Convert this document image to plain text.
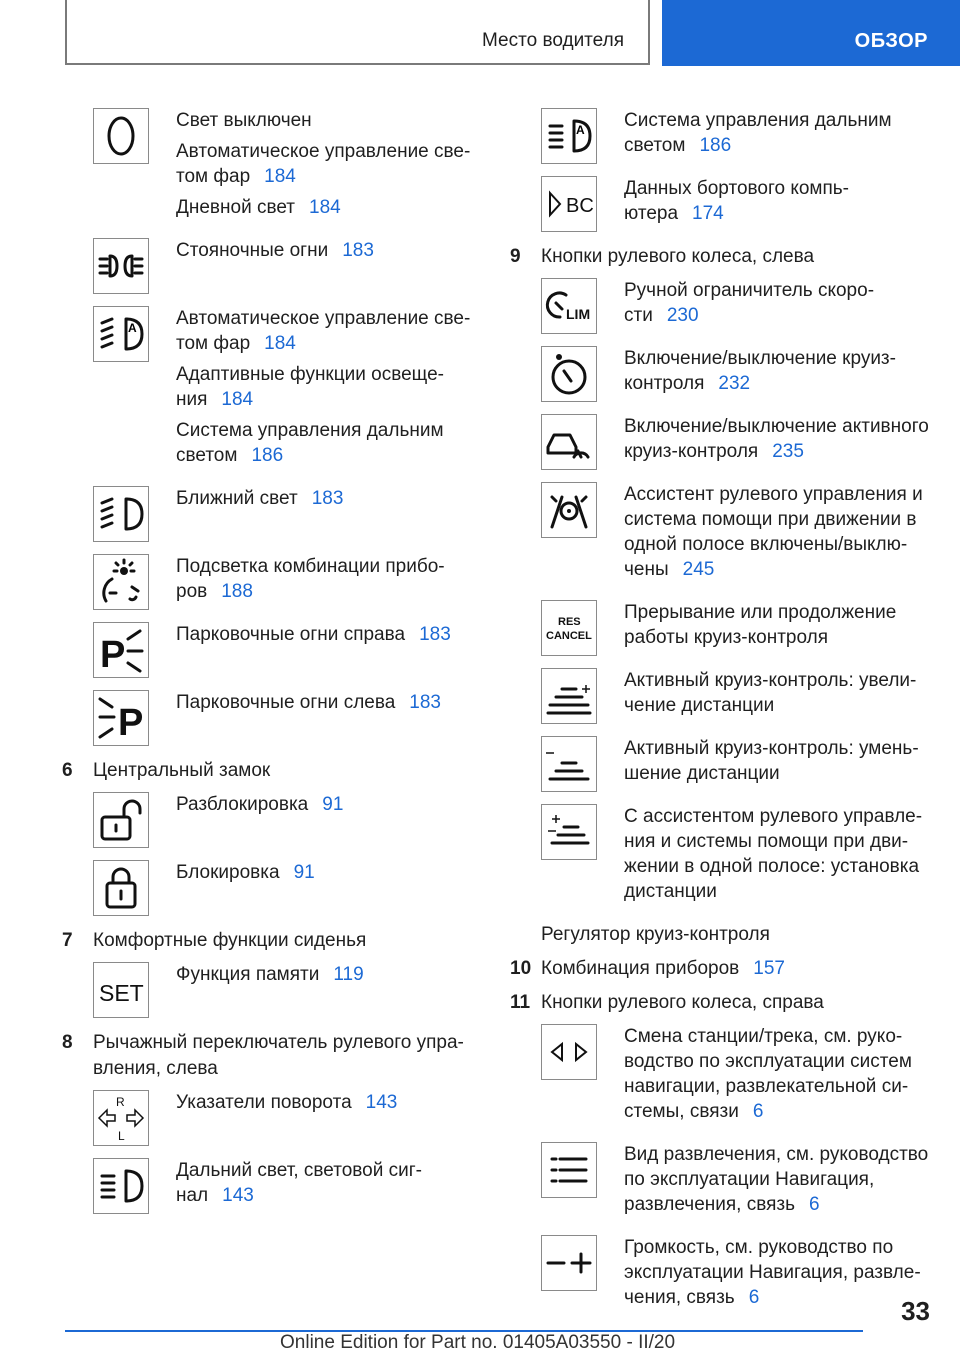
Место водителя	ОБЗОР
Свет выключен
Автоматическое управление светом фар 184
Дневной свет 184
Стояночные огни 183
A Автоматическое управление светом фар 184
Адаптивные функции освещения 184
Система управления дальним светом 186
Ближний свет 183
Подсветка комбинации приборов 188
P	Парковочные огни справа 183
P Парковочные огни слева 183
6	Центральный замок
Разблокировка 91
Блокировка 91
7	Комфортные функции сиденья
SET
Функция памяти 119
8	Рычажный переключатель рулевого управления, слева
R
L
Указатели поворота 143
Дальний свет, световой сигнал 143
A Система управления дальним светом 186
BC
Данных бортового компьютера 174
9	Кнопки рулевого колеса, слева
LIM
Ручной ограничитель скорости 230
Включение/выключение круиз-контроля 232
Включение/выключение активного круиз-контроля 235
Ассистент рулевого управления и система помощи при движении в одной полосе включены/выключены 245
RES
CANCEL
Прерывание или продолжение работы круиз-контроля
Активный круиз-контроль: увеличение дистанции
Активный круиз-контроль: уменьшение дистанции
С ассистентом рулевого управления и системы помощи при движении в одной полосе: установка дистанции
Регулятор круиз-контроля
10 Комбинация приборов 157
11 Кнопки рулевого колеса, справа
Смена станции/трека, см. руководство по эксплуатации систем навигации, развлекательной системы, связи 6
Вид развлечения, см. руководство по эксплуатации Навигация, развлечения, связь 6
Громкость, см. руководство по эксплуатации Навигация, развлечения, связь 6	33
Online Edition for Part no. 01405A03550 - II/20
